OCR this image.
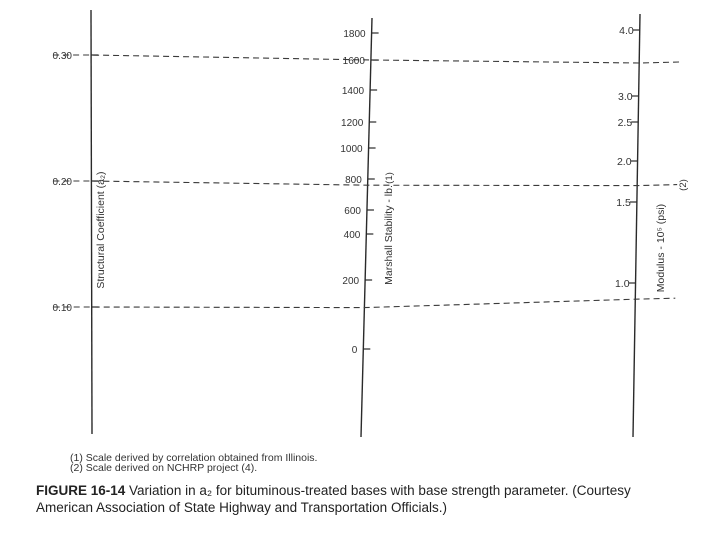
0.30
0.20
0.10
1800
1600
1400
1200
1000
800
600
400
200
0
4.0
3.0
2.5
2.0
1.5
1.0
Structural Coefficient (a₂)	Marshall Stability - lb.
(1)
Modulus - 10⁵ (psi)
(2)
(1) Scale derived by correlation obtained from Illinois.
(2) Scale derived on NCHRP project (4).
FIGURE 16-14 Variation in a₂ for bituminous-treated bases with base strength parameter. (Courtesy American Association of State Highway and Transportation Officials.)
